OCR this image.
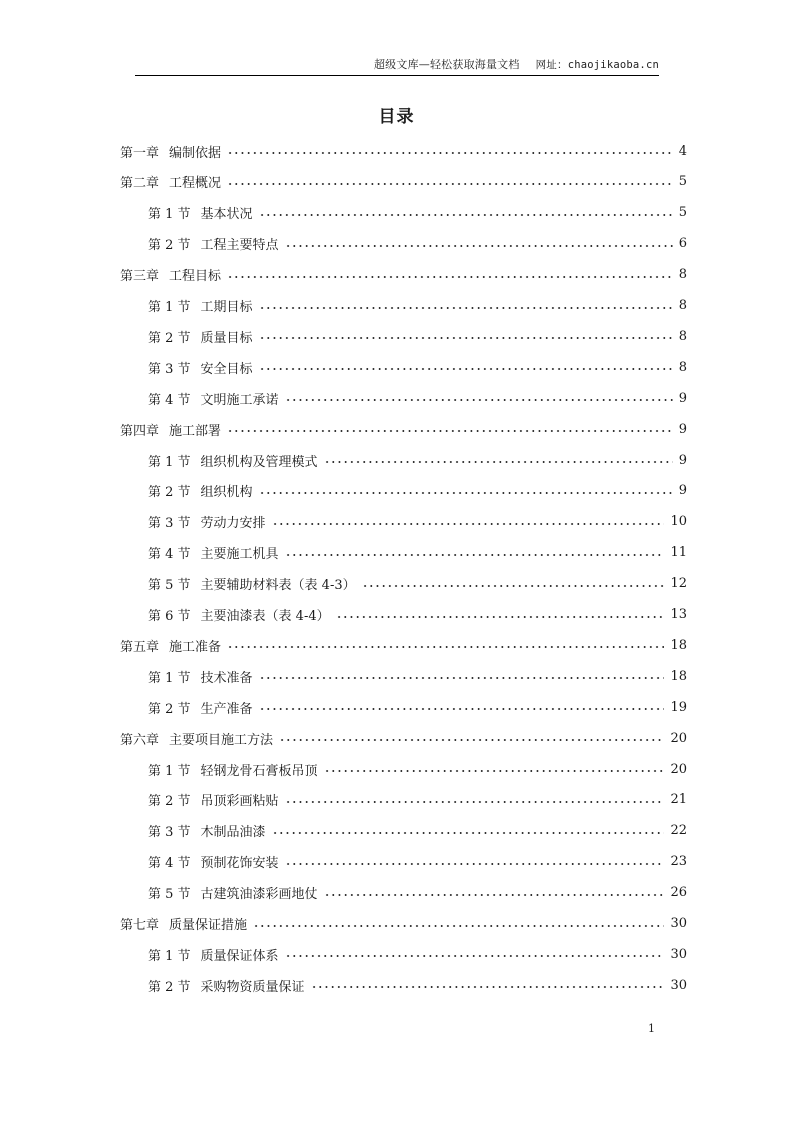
超级文库—轻松获取海量文档 网址：chaojikaoba.cn
目录
第一章 编制依据	4
第二章 工程概况	5
第 1 节 基本状况	5
第 2 节 工程主要特点	6
第三章 工程目标	8
第 1 节 工期目标	8
第 2 节 质量目标	8
第 3 节 安全目标	8
第 4 节 文明施工承诺	9
第四章 施工部署	9
第 1 节 组织机构及管理模式	9
第 2 节 组织机构	9
第 3 节 劳动力安排	10
第 4 节 主要施工机具	11
第 5 节 主要辅助材料表（表 4-3）	12
第 6 节 主要油漆表（表 4-4）	13
第五章 施工准备	18
第 1 节 技术准备	18
第 2 节 生产准备	19
第六章 主要项目施工方法	20
第 1 节 轻钢龙骨石膏板吊顶	20
第 2 节 吊顶彩画粘贴	21
第 3 节 木制品油漆	22
第 4 节 预制花饰安装	23
第 5 节 古建筑油漆彩画地仗	26
第七章 质量保证措施	30
第 1 节 质量保证体系	30
第 2 节 采购物资质量保证	30
1
